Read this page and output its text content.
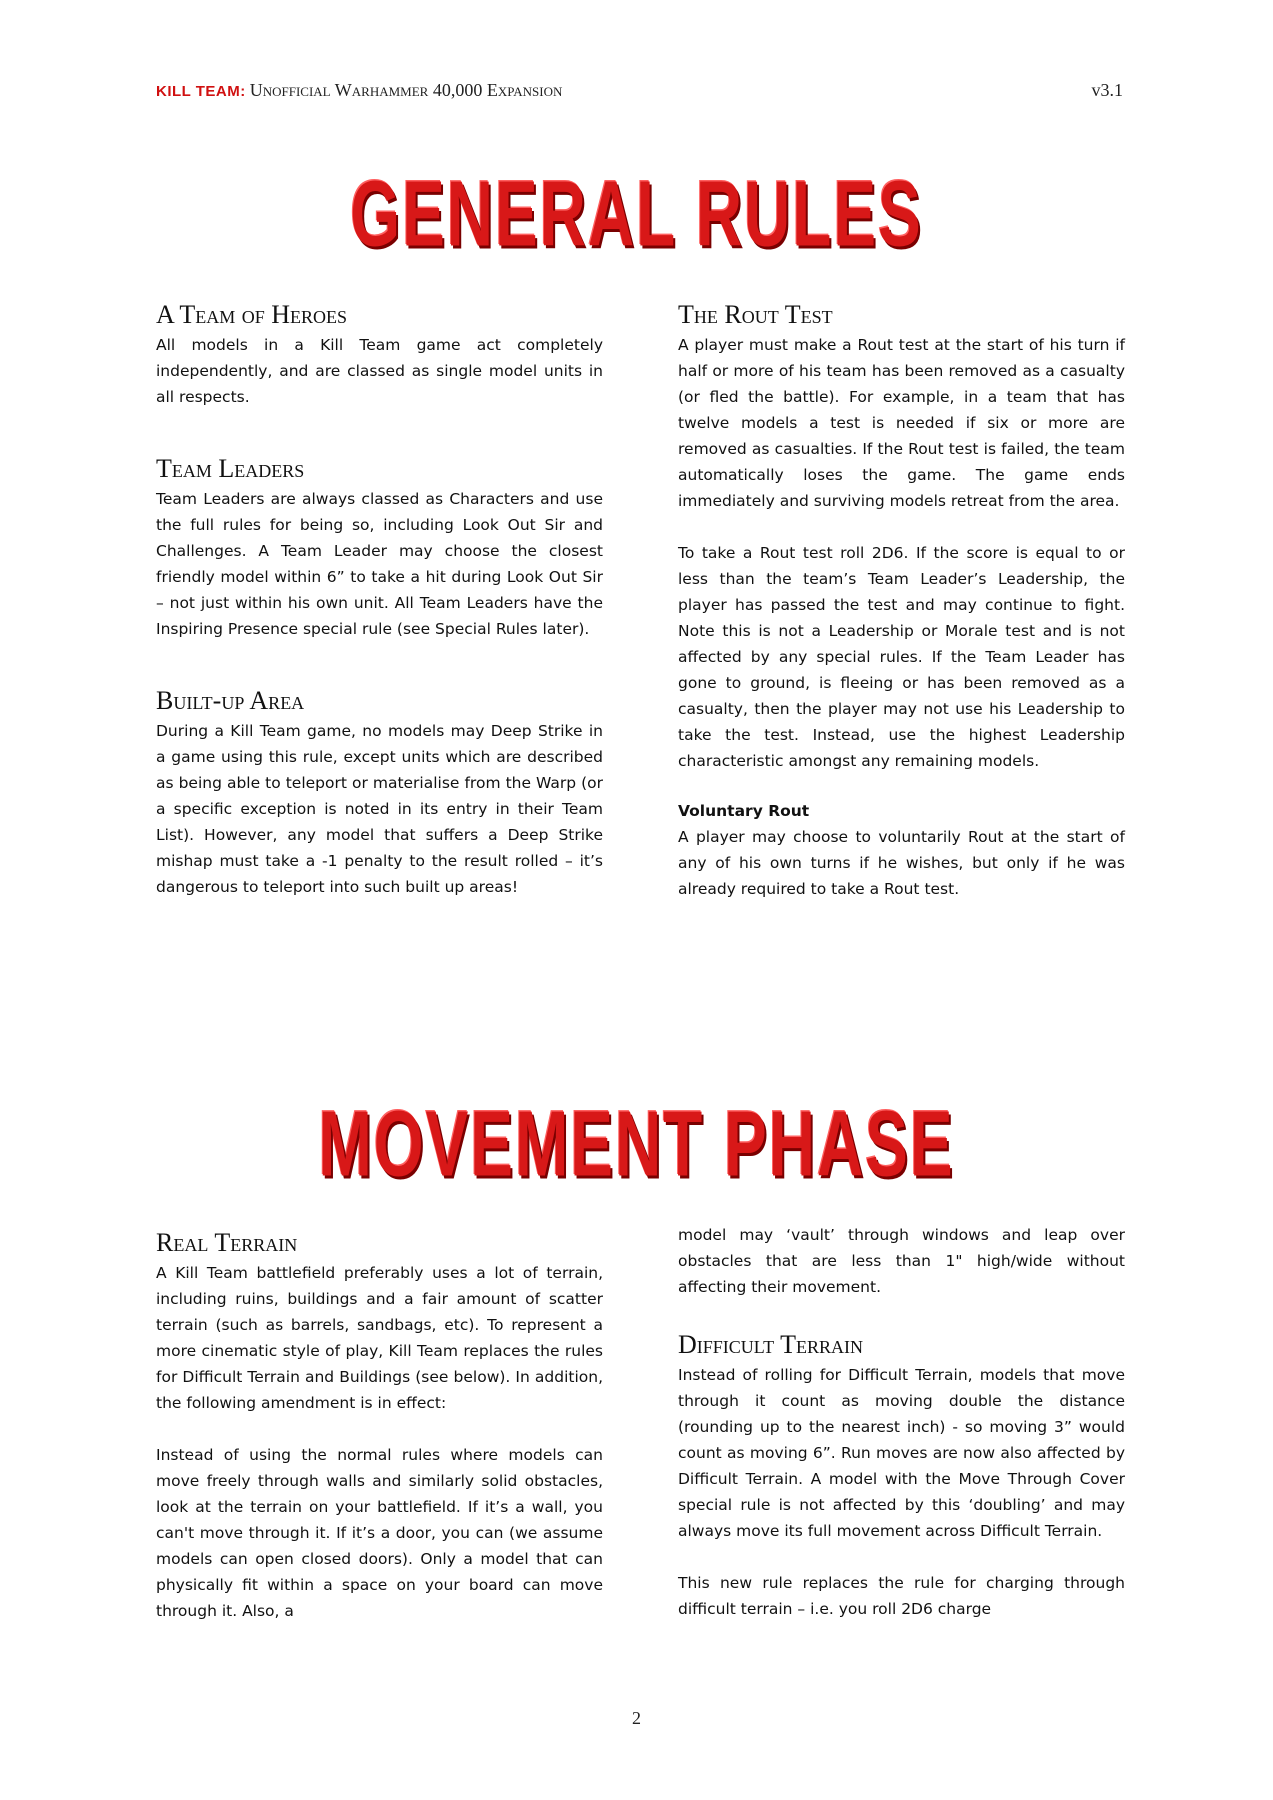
KILL TEAM: Unofficial Warhammer 40,000 Expansion	v3.1
GENERAL RULES
A Team of Heroes

All models in a Kill Team game act completely independently, and are classed as single model units in all respects.

Team Leaders

Team Leaders are always classed as Characters and use the full rules for being so, including Look Out Sir and Challenges. A Team Leader may choose the closest friendly model within 6” to take a hit during Look Out Sir – not just within his own unit. All Team Leaders have the Inspiring Presence special rule (see Special Rules later).

Built-up Area

During a Kill Team game, no models may Deep Strike in a game using this rule, except units which are described as being able to teleport or materialise from the Warp (or a specific exception is noted in its entry in their Team List). However, any model that suffers a Deep Strike mishap must take a -1 penalty to the result rolled – it’s dangerous to teleport into such built up areas!

The Rout Test

A player must make a Rout test at the start of his turn if half or more of his team has been removed as a casualty (or fled the battle). For example, in a team that has twelve models a test is needed if six or more are removed as casualties. If the Rout test is failed, the team automatically loses the game. The game ends immediately and surviving models retreat from the area.

To take a Rout test roll 2D6. If the score is equal to or less than the team’s Team Leader’s Leadership, the player has passed the test and may continue to fight. Note this is not a Leadership or Morale test and is not affected by any special rules. If the Team Leader has gone to ground, is fleeing or has been removed as a casualty, then the player may not use his Leadership to take the test. Instead, use the highest Leadership characteristic amongst any remaining models.

Voluntary Rout

A player may choose to voluntarily Rout at the start of any of his own turns if he wishes, but only if he was already required to take a Rout test.

MOVEMENT PHASE
Real Terrain

A Kill Team battlefield preferably uses a lot of terrain, including ruins, buildings and a fair amount of scatter terrain (such as barrels, sandbags, etc). To represent a more cinematic style of play, Kill Team replaces the rules for Difficult Terrain and Buildings (see below). In addition, the following amendment is in effect:

Instead of using the normal rules where models can move freely through walls and similarly solid obstacles, look at the terrain on your battlefield. If it’s a wall, you can't move through it. If it’s a door, you can (we assume models can open closed doors). Only a model that can physically fit within a space on your board can move through it. Also, a

model may ‘vault’ through windows and leap over obstacles that are less than 1" high/wide without affecting their movement.

Difficult Terrain

Instead of rolling for Difficult Terrain, models that move through it count as moving double the distance (rounding up to the nearest inch) - so moving 3” would count as moving 6”. Run moves are now also affected by Difficult Terrain. A model with the Move Through Cover special rule is not affected by this ‘doubling’ and may always move its full movement across Difficult Terrain.

This new rule replaces the rule for charging through difficult terrain – i.e. you roll 2D6 charge

2
